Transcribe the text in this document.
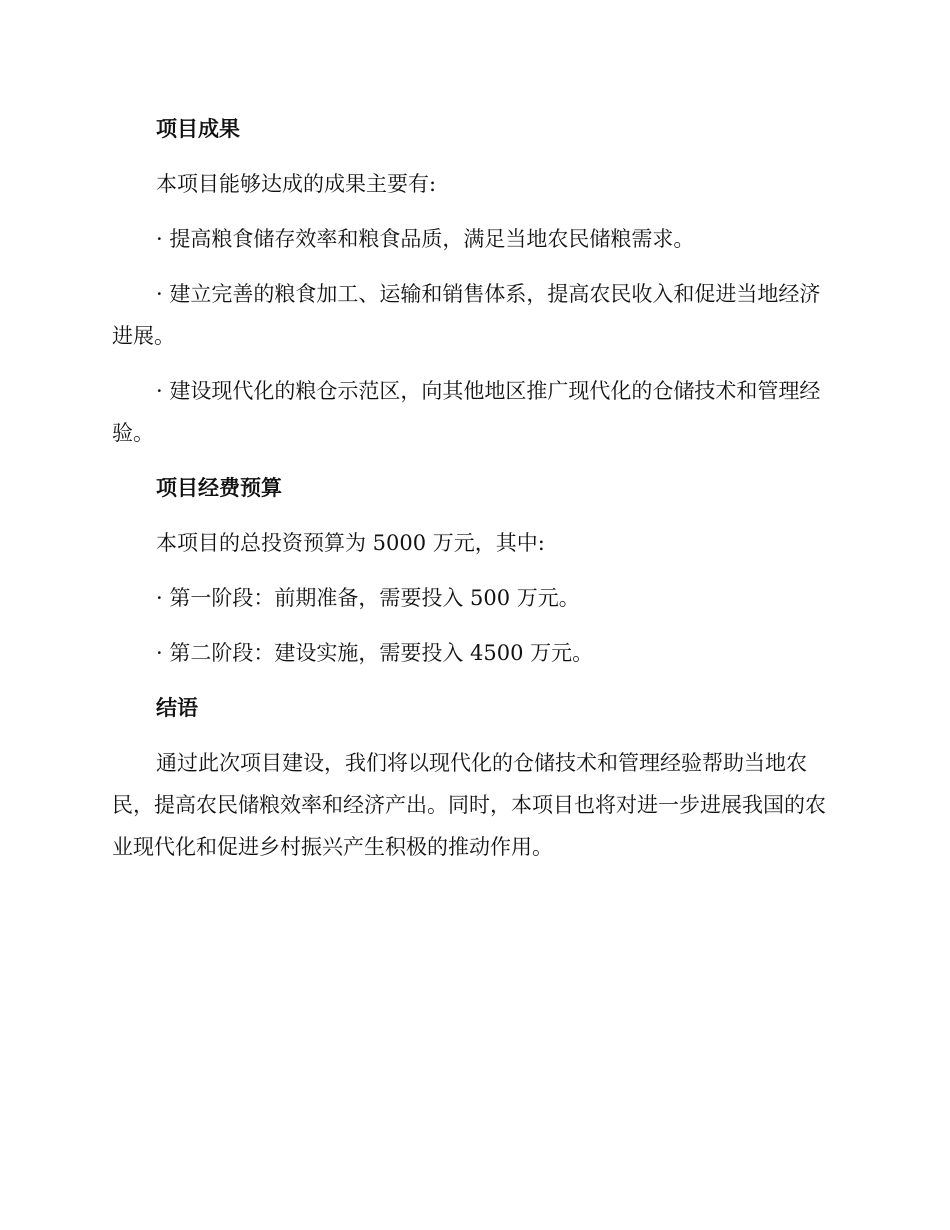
项目成果

本项目能够达成的成果主要有:

· 提高粮食储存效率和粮食品质，满足当地农民储粮需求。

· 建立完善的粮食加工、运输和销售体系，提高农民收入和促进当地经济进展。

· 建设现代化的粮仓示范区，向其他地区推广现代化的仓储技术和管理经验。

项目经费预算

本项目的总投资预算为 5000 万元，其中:

· 第一阶段：前期准备，需要投入 500 万元。

· 第二阶段：建设实施，需要投入 4500 万元。

结语

通过此次项目建设，我们将以现代化的仓储技术和管理经验帮助当地农民，提高农民储粮效率和经济产出。同时，本项目也将对进一步进展我国的农业现代化和促进乡村振兴产生积极的推动作用。
